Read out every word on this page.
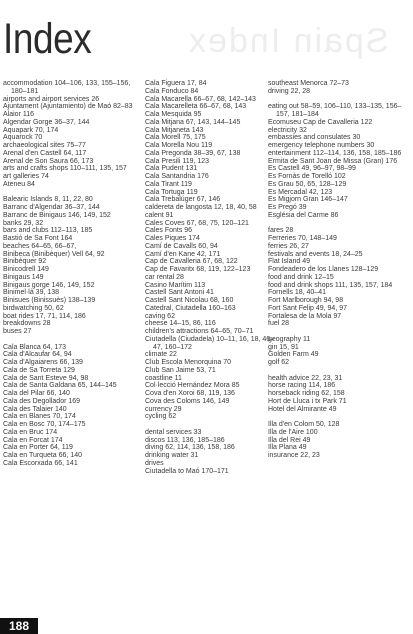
Spain Index
Index
accommodation 104–106, 133, 155–156, 180–181
airports and airport services 26
Ajuntament (Ajuntamiento) de Maó 82–83
Alaior 116
Algendar Gorge 36–37, 144
Aquapark 70, 174
Aquarock 70
archaeological sites 75–77
Arenal d'en Castell 64, 117
Arenal de Son Saura 66, 173
arts and crafts shops 110–111, 135, 157
art galleries 74
Ateneu 84
Balearic Islands 8, 11, 22, 80
Barranc d'Algendar 36–37, 144
Barranc de Binigaus 146, 149, 152
banks 29, 32
bars and clubs 112–113, 185
Bastió de Sa Font 164
beaches 64–65, 66–67,
Binibeca (Binibèquer) Vell 64, 92
Binibèquer 92
Binicodrell 149
Binigaus 149
Binigaus gorge 146, 149, 152
Binimel·là 39, 138
Binisues (Binissuès) 138–139
birdwatching 50, 62
boat rides 17, 71, 114, 186
breakdowns 28
buses 27
Cala Blanca 64, 173
Cala d'Alcaufar 64, 94
Cala d'Algaiarens 66, 139
Cala de Sa Torreta 129
Cala de Sant Esteve 94, 98
Cala de Santa Galdana 65, 144–145
Cala del Pilar 66, 140
Cala des Degollador 169
Cala des Talaier 140
Cala en Blanes 70, 174
Cala en Bosc 70, 174–175
Cala en Bruc 174
Cala en Forcat 174
Cala en Porter 64, 119
Cala en Turqueta 66, 140
Cala Escorxada 66, 141
Cala Figuera 17, 84
Cala Fonduco 84
Cala Macarella 66–67, 68, 142–143
Cala Macarelleta 66–67, 68, 143
Cala Mesquida 95
Cala Mitjana 67, 143, 144–145
Cala Mitjaneta 143
Cala Morell 75, 175
Cala Morella Nou 119
Cala Pregonda 38–39, 67, 138
Cala Presili 119, 123
Cala Pudent 131
Cala Santandria 176
Cala Tirant 119
Cala Tortuga 119
Cala Trebalúger 67, 146
caldereta de langosta 12, 18, 40, 58
calent 91
Cales Coves 67, 68, 75, 120–121
Cales Fonts 96
Cales Piques 174
Camí de Cavalls 60, 94
Camí d'en Kane 42, 171
Cap de Cavalleria 67, 68, 122
Cap de Favaritx 68, 119, 122–123
car rental 28
Casino Marítim 113
Castell Sant Antoni 41
Castell Sant Nicolau 68, 160
Catedral, Ciutadella 160–163
caving 62
cheese 14–15, 86, 116
children's attractions 64–65, 70–71
Ciutadella (Ciudadela) 10–11, 16, 18, 46–47, 160–172
climate 22
Club Escola Menorquina 70
Club San Jaime 53, 71
coastline 11
Col·lecció Hernández Mora 85
Cova d'en Xoroi 68, 119, 136
Cova des Coloms 146, 149
currency 29
cycling 62
dental services 33
discos 113, 136, 185–186
diving 62, 114, 136, 158, 186
drinking water 31
drives
Ciutadella to Maó 170–171
southeast Menorca 72–73
driving 22, 28
eating out 58–59, 106–110, 133–135, 156–157, 181–184
Ecomuseu Cap de Cavalleria 122
electricity 32
embassies and consulates 30
emergency telephone numbers 30
entertainment 112–114, 136, 158, 185–186
Ermita de Sant Joan de Missa (Gran) 176
Es Castell 49, 96–97, 98–99
Es Fornàs de Torelló 102
Es Grau 50, 65, 128–129
Es Mercadal 42, 123
Es Migjorn Gran 146–147
Es Pregó 39
Església del Carme 86
fares 28
Ferreries 70, 148–149
ferries 26, 27
festivals and events 18, 24–25
Flat Island 49
Fondeadero de los Llanes 128–129
food and drink 12–15
food and drink shops 111, 135, 157, 184
Fornells 18, 40–41
Fort Marlborough 94, 98
Fort Sant Felip 49, 94, 97
Fortalesa de la Mola 97
fuel 28
geography 11
gin 15, 91
Golden Farm 49
golf 62
health advice 22, 23, 31
horse racing 114, 186
horseback riding 62, 158
Hort de Lluca i tx Park 71
Hotel del Almirante 49
Illa d'en Colom 50, 128
Illa de l'Aire 100
Illa del Rei 49
Illa Plana 49
insurance 22, 23
188
